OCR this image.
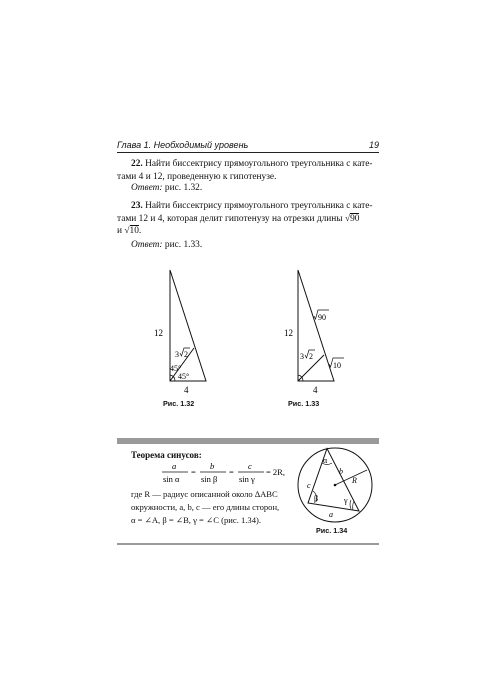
Глава 1. Необходимый уровень	19
22. Найти биссектрису прямоугольного треугольника с кате-
тами 4 и 12, проведенную к гипотенузе.
Ответ: рис. 1.32.
23. Найти биссектрису прямоугольного треугольника с кате-
тами 12 и 4, которая делит гипотенузу на отрезки длины √90
и √10.
Ответ: рис. 1.33.
12
4
3 2
45°
45°
Рис. 1.32
12
4
3 2
90
10
Рис. 1.33
Теорема синусов:
a
sin α
=
b
sin β
=
c
sin γ
= 2R,
где R — радиус описанной около ∆ABC
окружности, a, b, c — его длины сторон,
α = ∠A, β = ∠B, γ = ∠C (рис. 1.34).
α
c
b
R
β	γ
a
Рис. 1.34
